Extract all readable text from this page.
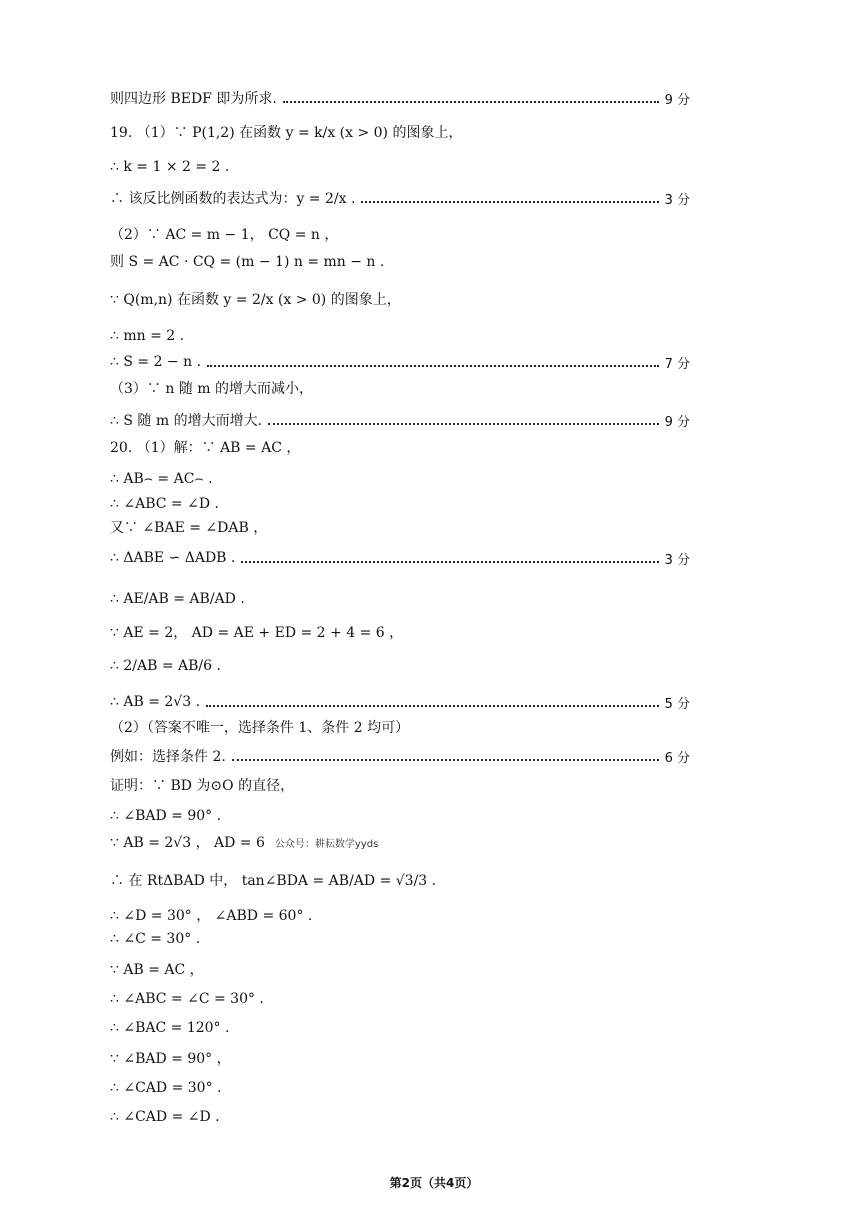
则四边形 BEDF 即为所求.	9 分
19. （1）∵ P(1,2) 在函数 y = k/x (x > 0) 的图象上，
∴ k = 1 × 2 = 2 .
∴ 该反比例函数的表达式为：y = 2/x .	3 分
（2）∵ AC = m − 1， CQ = n ，
则 S = AC · CQ = (m − 1) n = mn − n .
∵ Q(m,n) 在函数 y = 2/x (x > 0) 的图象上，
∴ mn = 2 .
∴ S = 2 − n .	7 分
（3）∵ n 随 m 的增大而减小，
∴ S 随 m 的增大而增大.	9 分
20. （1）解：∵ AB = AC ，
∴ AB⌢ = AC⌢ .
∴ ∠ABC = ∠D .
又∵ ∠BAE = ∠DAB ，
∴ ΔABE ∽ ΔADB .	3 分
∴ AE/AB = AB/AD .
∵ AE = 2， AD = AE + ED = 2 + 4 = 6 ，
∴ 2/AB = AB/6 .
∴ AB = 2√3 .	5 分
（2）（答案不唯一，选择条件 1、条件 2 均可）
例如：选择条件 2.	6 分
证明：∵ BD 为⊙O 的直径，
∴ ∠BAD = 90° .
∵ AB = 2√3 ， AD = 6 公众号：耕耘数学yyds
∴ 在 RtΔBAD 中， tan∠BDA = AB/AD = √3/3 .
∴ ∠D = 30° ， ∠ABD = 60° .
∴ ∠C = 30° .
∵ AB = AC ，
∴ ∠ABC = ∠C = 30° .
∴ ∠BAC = 120° .
∵ ∠BAD = 90° ，
∴ ∠CAD = 30° .
∴ ∠CAD = ∠D .
第2页（共4页）
